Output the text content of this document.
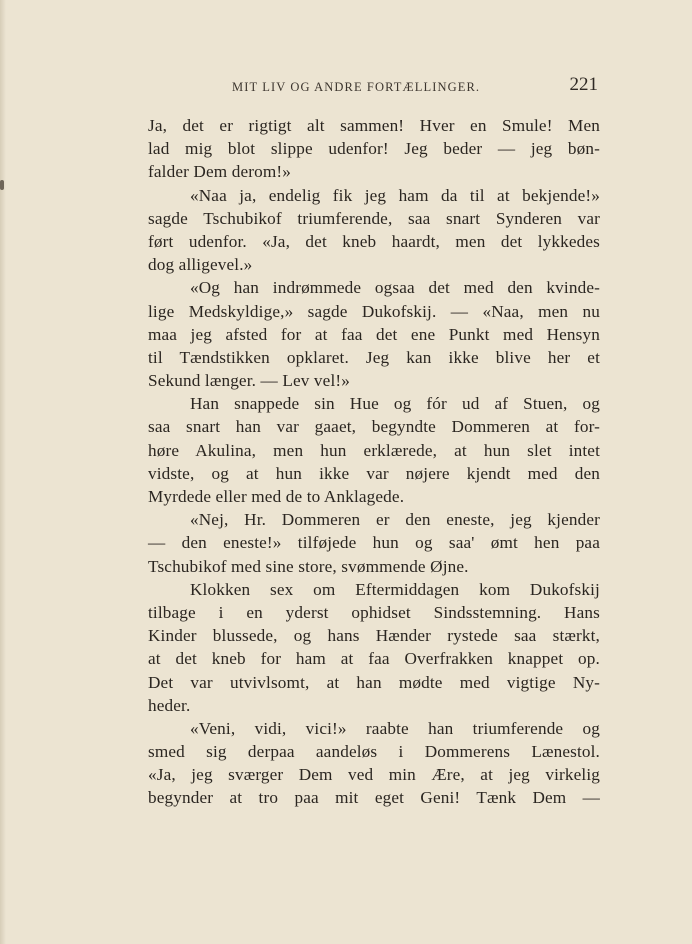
MIT LIV OG ANDRE FORTÆLLINGER.	221
Ja, det er rigtigt alt sammen! Hver en Smule! Men
lad mig blot slippe udenfor! Jeg beder — jeg bøn-
falder Dem derom!»
«Naa ja, endelig fik jeg ham da til at bekjende!»
sagde Tschubikof triumferende, saa snart Synderen var
ført udenfor. «Ja, det kneb haardt, men det lykkedes
dog alligevel.»
«Og han indrømmede ogsaa det med den kvinde-
lige Medskyldige,» sagde Dukofskij. — «Naa, men nu
maa jeg afsted for at faa det ene Punkt med Hensyn
til Tændstikken opklaret. Jeg kan ikke blive her et
Sekund længer. — Lev vel!»
Han snappede sin Hue og fór ud af Stuen, og
saa snart han var gaaet, begyndte Dommeren at for-
høre Akulina, men hun erklærede, at hun slet intet
vidste, og at hun ikke var nøjere kjendt med den
Myrdede eller med de to Anklagede.
«Nej, Hr. Dommeren er den eneste, jeg kjender
— den eneste!» tilføjede hun og saa' ømt hen paa
Tschubikof med sine store, svømmende Øjne.
Klokken sex om Eftermiddagen kom Dukofskij
tilbage i en yderst ophidset Sindsstemning. Hans
Kinder blussede, og hans Hænder rystede saa stærkt,
at det kneb for ham at faa Overfrakken knappet op.
Det var utvivlsomt, at han mødte med vigtige Ny-
heder.
«Veni, vidi, vici!» raabte han triumferende og
smed sig derpaa aandeløs i Dommerens Lænestol.
«Ja, jeg sværger Dem ved min Ære, at jeg virkelig
begynder at tro paa mit eget Geni! Tænk Dem —
